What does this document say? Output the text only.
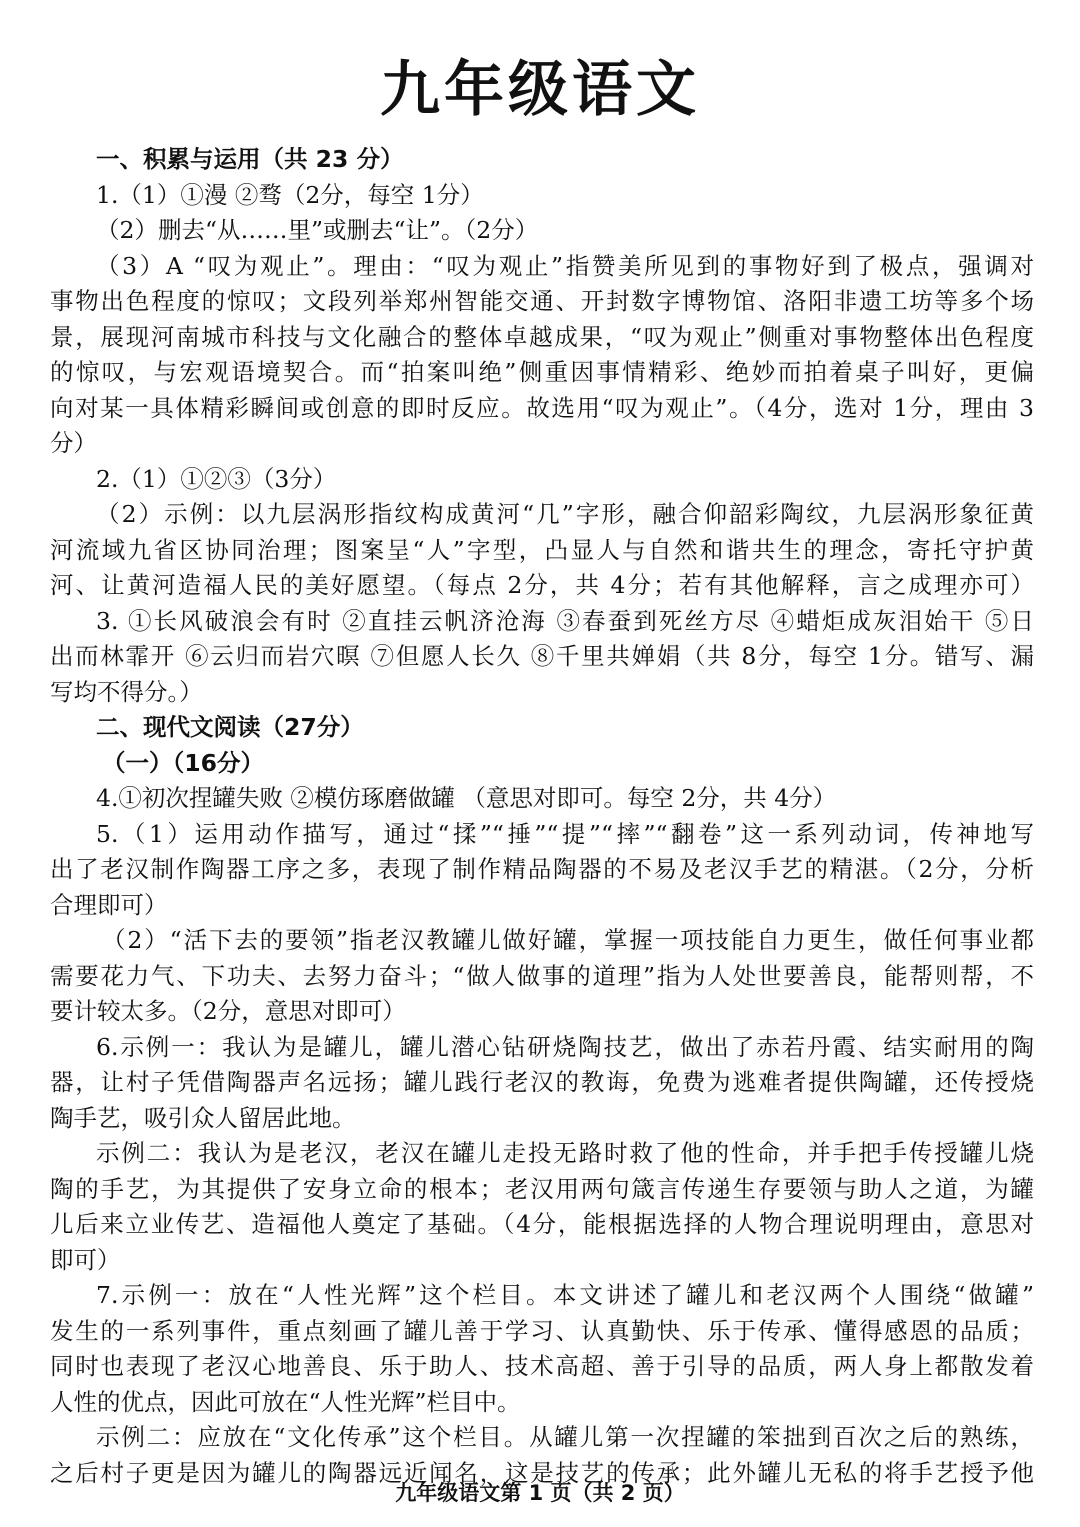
九年级语文
一、积累与运用（共 23 分）
1.（1）①漫 ②骛（2分，每空 1分）
（2）删去“从……里”或删去“让”。（2分）
（3）A “叹为观止”。理由：“叹为观止”指赞美所见到的事物好到了极点，强调对
事物出色程度的惊叹；文段列举郑州智能交通、开封数字博物馆、洛阳非遗工坊等多个场
景，展现河南城市科技与文化融合的整体卓越成果，“叹为观止”侧重对事物整体出色程度
的惊叹，与宏观语境契合。而“拍案叫绝”侧重因事情精彩、绝妙而拍着桌子叫好，更偏
向对某一具体精彩瞬间或创意的即时反应。故选用“叹为观止”。（4分，选对 1分，理由 3
分）
2.（1）①②③（3分）
（2）示例：以九层涡形指纹构成黄河“几”字形，融合仰韶彩陶纹，九层涡形象征黄
河流域九省区协同治理；图案呈“人”字型，凸显人与自然和谐共生的理念，寄托守护黄
河、让黄河造福人民的美好愿望。（每点 2分，共 4分；若有其他解释，言之成理亦可）
3. ①长风破浪会有时 ②直挂云帆济沧海 ③春蚕到死丝方尽 ④蜡炬成灰泪始干 ⑤日
出而林霏开 ⑥云归而岩穴暝 ⑦但愿人长久 ⑧千里共婵娟（共 8分，每空 1分。错写、漏
写均不得分。）
二、现代文阅读（27分）
（一）（16分）
4.①初次捏罐失败 ②模仿琢磨做罐 （意思对即可。每空 2分，共 4分）
5.（1）运用动作描写，通过“揉”“捶”“提”“摔”“翻卷”这一系列动词，传神地写
出了老汉制作陶器工序之多，表现了制作精品陶器的不易及老汉手艺的精湛。（2分，分析
合理即可）
（2）“活下去的要领”指老汉教罐儿做好罐，掌握一项技能自力更生，做任何事业都
需要花力气、下功夫、去努力奋斗；“做人做事的道理”指为人处世要善良，能帮则帮，不
要计较太多。（2分，意思对即可）
6.示例一：我认为是罐儿，罐儿潜心钻研烧陶技艺，做出了赤若丹霞、结实耐用的陶
器，让村子凭借陶器声名远扬；罐儿践行老汉的教诲，免费为逃难者提供陶罐，还传授烧
陶手艺，吸引众人留居此地。
示例二：我认为是老汉，老汉在罐儿走投无路时救了他的性命，并手把手传授罐儿烧
陶的手艺，为其提供了安身立命的根本；老汉用两句箴言传递生存要领与助人之道，为罐
儿后来立业传艺、造福他人奠定了基础。（4分，能根据选择的人物合理说明理由，意思对
即可）
7.示例一：放在“人性光辉”这个栏目。本文讲述了罐儿和老汉两个人围绕“做罐”
发生的一系列事件，重点刻画了罐儿善于学习、认真勤快、乐于传承、懂得感恩的品质；
同时也表现了老汉心地善良、乐于助人、技术高超、善于引导的品质，两人身上都散发着
人性的优点，因此可放在“人性光辉”栏目中。
示例二：应放在“文化传承”这个栏目。从罐儿第一次捏罐的笨拙到百次之后的熟练，
之后村子更是因为罐儿的陶器远近闻名，这是技艺的传承；此外罐儿无私的将手艺授予他
九年级语文第 1 页（共 2 页）
